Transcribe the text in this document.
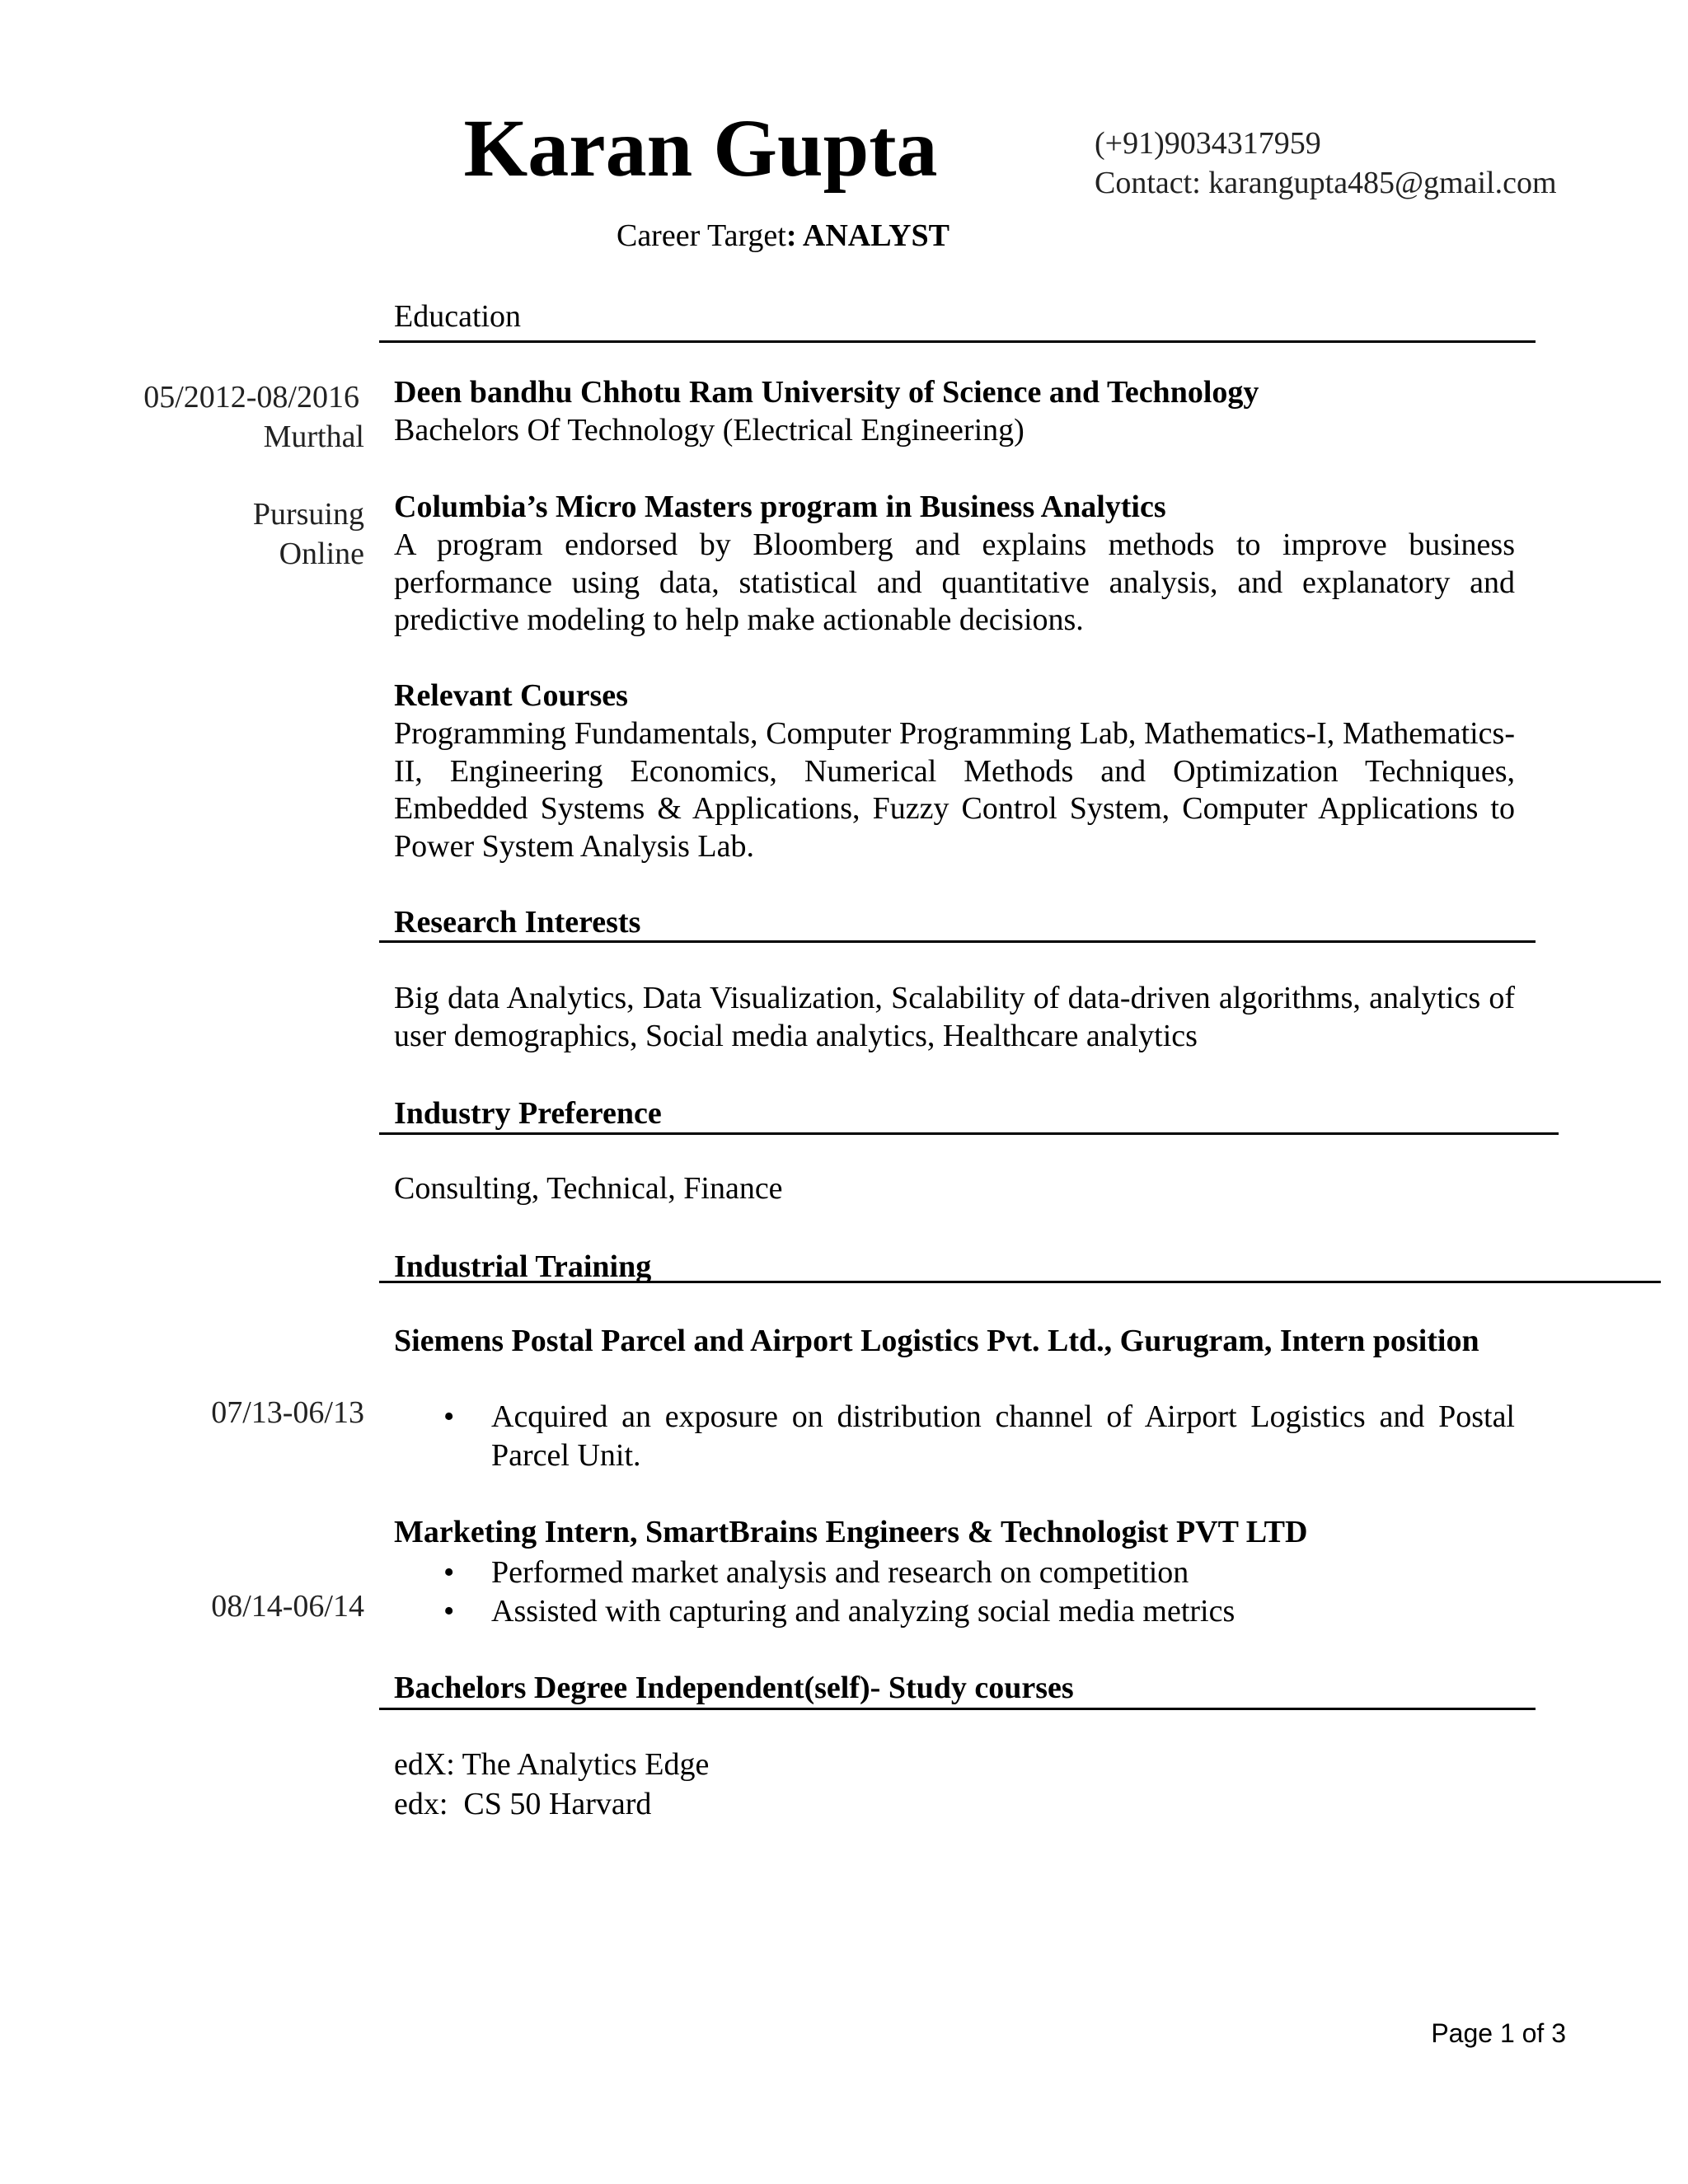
Karan Gupta	(+91)9034317959
Contact: karangupta485@gmail.com
Career Target: ANALYST
Education
05/2012-08/2016
Murthal
Deen bandhu Chhotu Ram University of Science and Technology
Bachelors Of Technology (Electrical Engineering)
Pursuing
Online
Columbia’s Micro Masters program in Business Analytics
A program endorsed by Bloomberg and explains methods to improve business performance using data, statistical and quantitative analysis, and explanatory and predictive modeling to help make actionable decisions.
Relevant Courses
Programming Fundamentals, Computer Programming Lab, Mathematics-I, Mathematics-II, Engineering Economics, Numerical Methods and Optimization Techniques, Embedded Systems & Applications, Fuzzy Control System, Computer Applications to Power System Analysis Lab.
Research Interests
Big data Analytics, Data Visualization, Scalability of data-driven algorithms, analytics of user demographics, Social media analytics, Healthcare analytics
Industry Preference
Consulting, Technical, Finance
Industrial Training
07/13-06/13
Siemens Postal Parcel and Airport Logistics Pvt. Ltd., Gurugram, Intern position
• Acquired an exposure on distribution channel of Airport Logistics and Postal Parcel Unit.
Marketing Intern, SmartBrains Engineers & Technologist PVT LTD
• Performed market analysis and research on competition
• Assisted with capturing and analyzing social media metrics
08/14-06/14
Bachelors Degree Independent(self)- Study courses
edX: The Analytics Edge
edx:  CS 50 Harvard
Page 1 of 3
